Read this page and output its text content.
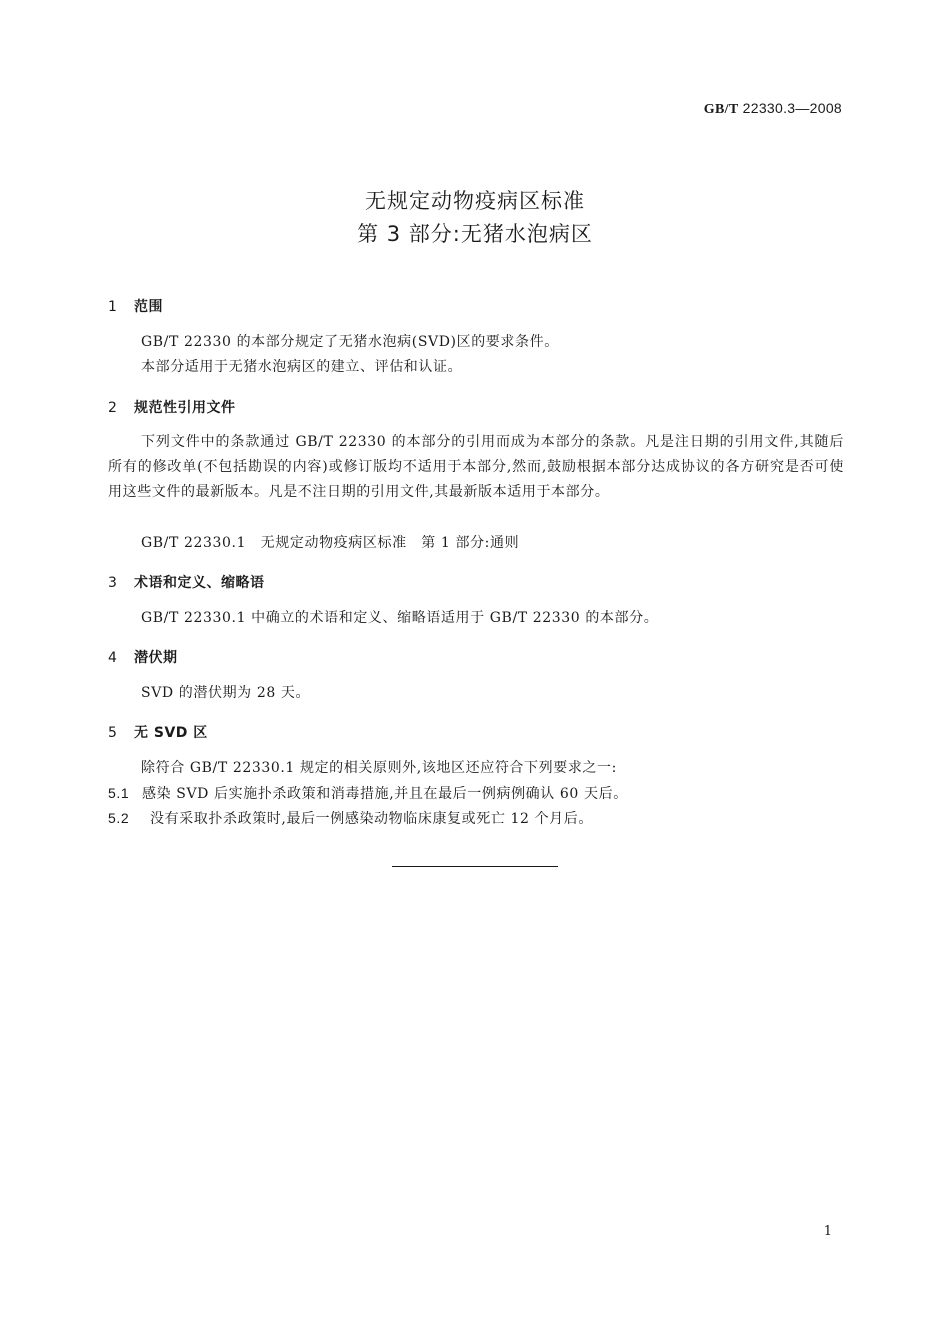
GB/T 22330.3—2008
无规定动物疫病区标准
第 3 部分:无猪水泡病区
1 范围
GB/T 22330 的本部分规定了无猪水泡病(SVD)区的要求条件。
本部分适用于无猪水泡病区的建立、评估和认证。
2 规范性引用文件
下列文件中的条款通过 GB/T 22330 的本部分的引用而成为本部分的条款。凡是注日期的引用文件,其随后所有的修改单(不包括勘误的内容)或修订版均不适用于本部分,然而,鼓励根据本部分达成协议的各方研究是否可使用这些文件的最新版本。凡是不注日期的引用文件,其最新版本适用于本部分。
GB/T 22330.1　无规定动物疫病区标准　第 1 部分:通则
3 术语和定义、缩略语
GB/T 22330.1 中确立的术语和定义、缩略语适用于 GB/T 22330 的本部分。
4 潜伏期
SVD 的潜伏期为 28 天。
5 无 SVD 区
除符合 GB/T 22330.1 规定的相关原则外,该地区还应符合下列要求之一:
5.1 感染 SVD 后实施扑杀政策和消毒措施,并且在最后一例病例确认 60 天后。
5.2 没有采取扑杀政策时,最后一例感染动物临床康复或死亡 12 个月后。
1
